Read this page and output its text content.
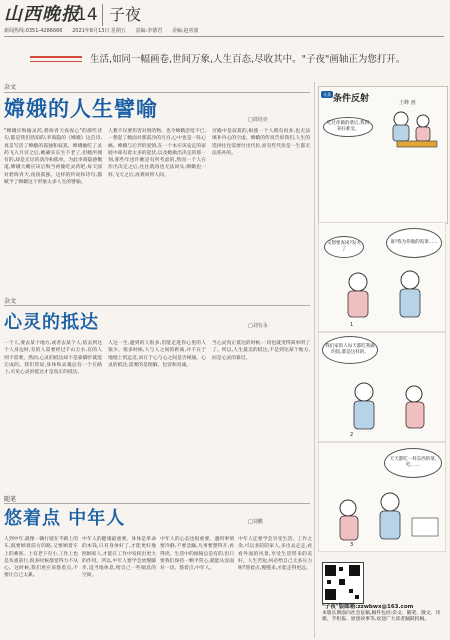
山西晚报
14 子夜
新闻热线:0351-4286666 2021年8月13日 星期五 责编:李德君 美编:赵喜波
生活,如同一幅画卷,世间万象,人生百态,尽收其中。"子夜"画轴正为您打开。
杂文
嫦娥的人生譬喻	□周培亮
"嫦娥应悔偷灵药,碧海青天夜夜心"的那些诗句,都是我们熟知的,李商隐的《嫦娥》这首诗,真是写活了嫦娥的孤独和寂寞。嫦娥偷吃了灵药飞入月宫之后,她确实长生不老了,但她所拥有的,却是无尽的清冷和孤单。为此李商隐感慨道,嫦娥大概应该后悔当初偷吃灵药吧,每天面对碧海青天,夜夜孤独。这样的传说和诗句,都赋予了嫦娥这个形象太多人生的譬喻。
人教不仅要伤害对别的物。也令嫦娥悲怆不已,一想起了她面对那孤冷的月宫,心中也是一阵心痛。嫦娥与后羿的爱情,在一个本应该安定的家庭中却有着太多的起伏,以及她做出决定的那一刻,那些年也许她是有所考虑的,然而一个人在作出决定之后,往往就再也无法回头,嫦娥也一样,飞天之后,再难回到人间。
宫殿中是寂寞的,纵使一个人拥有再多,也无法填补内心的空虚。嫦娥的传说告诉我们,人生的选择往往需要付出代价,而有些代价是一生都无法弥补的。
头条 条件反射	王峰 画
吃过你做的菜后,我回来好难受。
谁?我为你做的饭菜……
又想要查岗?发火了
我们家的人每天都吃我做的饭,都是这样的。
天天都吃一样东西的菜,吃……
1
2
3
杂文
心灵的抵达	□刘有永
一个人,要去某个地方,或者去某个人,依去到这个人身边时,有的人需要经过千山万水,有的人则不需要。然而,心灵的抵达却不是靠脚步就能完成的。我们常说,身体和灵魂总有一个在路上,可见心灵的抵达才是真正的抵达。
人这一生,遇到的人很多,但能走进你心里的人很少。很多时候,人与人之间的距离,并不在于地理上的远近,而在于心与心之间是否相通。心灵的抵达,需要的是理解、包容和真诚。
当心灵真正抵达的时候,一切也就变得简单明了了。所以,人生最美的抵达,不是到达某个地方,而是心灵的靠近。
随笔
悠着点 中年人	□刘鹏
人到中年,就像一辆行驶在半路上的车,既要顾着前方的路,又要顾着车上的乘客。上有老下有小,工作上也是负重前行,很多时候都觉得力不从心。这时候,我们更应该悠着点,不要让自己太累。
中年人的健康最重要。身体是革命的本钱,只有身体好了,才能更好地照顾家人,才能在工作中发挥出更大的作用。所以,中年人要学会放慢脚步,适当地休息,给自己一些喘息的空间。
中年人的心态也很重要。遇到事情要冷静,不要急躁,凡事要想得开,看得淡。生活中的烦恼总是有的,但只要我们保持一颗平常心,就能从容面对一切。悠着点,中年人。
中年人还要学会享受生活。工作之余,可以多陪陪家人,多出去走走,看看外面的风景,享受生活带来的美好。人生苦短,何必给自己太多压力呢?悠着点,慢慢来,才能走得更远。
"子夜"版邮箱:zzwbwx@163.com
本版长期面向社会征稿,稿件包括:杂文、随笔、散文、诗歌、手机报、原创故事等,欢迎广大读者踊跃投稿。
